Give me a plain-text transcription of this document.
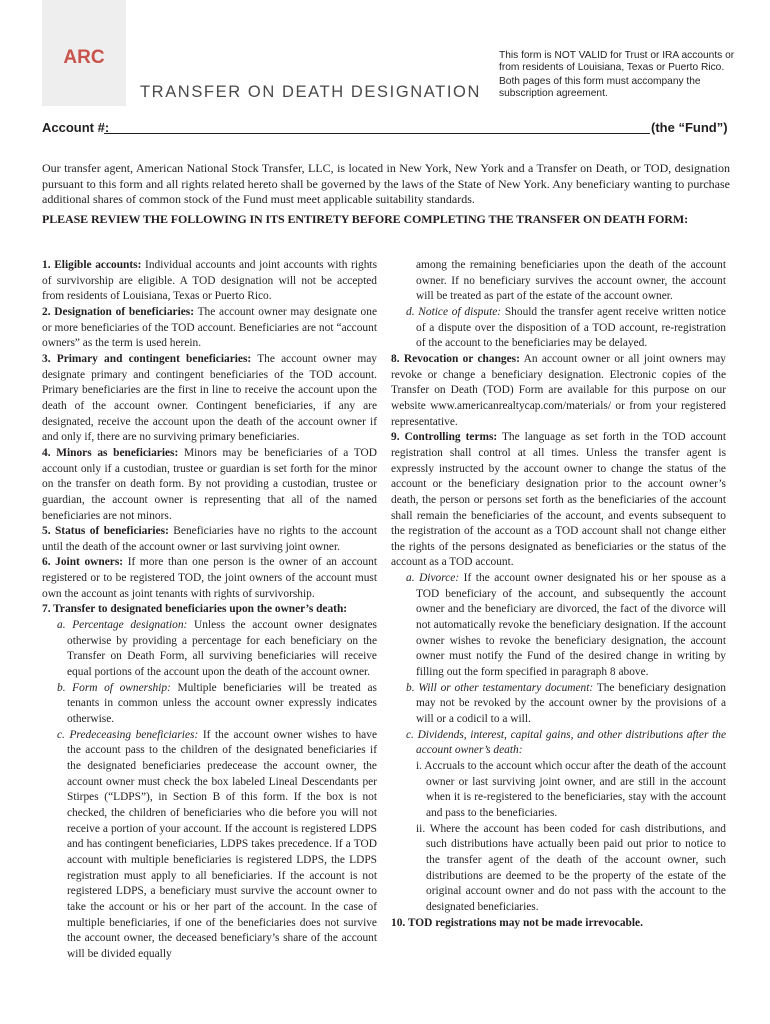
ARC
TRANSFER ON DEATH DESIGNATION

This form is NOT VALID for Trust or IRA accounts or from residents of Louisiana, Texas or Puerto Rico.

Both pages of this form must accompany the subscription agreement.

Account #:	(the “Fund”)

Our transfer agent, American National Stock Transfer, LLC, is located in New York, New York and a Transfer on Death, or TOD, designation pursuant to this form and all rights related hereto shall be governed by the laws of the State of New York. Any beneficiary wanting to purchase additional shares of common stock of the Fund must meet applicable suitability standards.

PLEASE REVIEW THE FOLLOWING IN ITS ENTIRETY BEFORE COMPLETING THE TRANSFER ON DEATH FORM:

1. Eligible accounts: Individual accounts and joint accounts with rights of survivorship are eligible. A TOD designation will not be accepted from residents of Louisiana, Texas or Puerto Rico.

2. Designation of beneficiaries: The account owner may designate one or more beneficiaries of the TOD account. Beneficiaries are not “account owners” as the term is used herein.

3. Primary and contingent beneficiaries: The account owner may designate primary and contingent beneficiaries of the TOD account. Primary beneficiaries are the first in line to receive the account upon the death of the account owner. Contingent beneficiaries, if any are designated, receive the account upon the death of the account owner if and only if, there are no surviving primary beneficiaries.

4. Minors as beneficiaries: Minors may be beneficiaries of a TOD account only if a custodian, trustee or guardian is set forth for the minor on the transfer on death form. By not providing a custodian, trustee or guardian, the account owner is representing that all of the named beneficiaries are not minors.

5. Status of beneficiaries: Beneficiaries have no rights to the account until the death of the account owner or last surviving joint owner.

6. Joint owners: If more than one person is the owner of an account registered or to be registered TOD, the joint owners of the account must own the account as joint tenants with rights of survivorship.

7. Transfer to designated beneficiaries upon the owner’s death:

a. Percentage designation: Unless the account owner designates otherwise by providing a percentage for each beneficiary on the Transfer on Death Form, all surviving beneficiaries will receive equal portions of the account upon the death of the account owner.

b. Form of ownership: Multiple beneficiaries will be treated as tenants in common unless the account owner expressly indicates otherwise.

c. Predeceasing beneficiaries: If the account owner wishes to have the account pass to the children of the designated beneficiaries if the designated beneficiaries predecease the account owner, the account owner must check the box labeled Lineal Descendants per Stirpes (“LDPS”), in Section B of this form. If the box is not checked, the children of beneficiaries who die before you will not receive a portion of your account. If the account is registered LDPS and has contingent beneficiaries, LDPS takes precedence. If a TOD account with multiple beneficiaries is registered LDPS, the LDPS registration must apply to all beneficiaries. If the account is not registered LDPS, a beneficiary must survive the account owner to take the account or his or her part of the account. In the case of multiple beneficiaries, if one of the beneficiaries does not survive the account owner, the deceased beneficiary’s share of the account will be divided equally

among the remaining beneficiaries upon the death of the account owner. If no beneficiary survives the account owner, the account will be treated as part of the estate of the account owner.

d. Notice of dispute: Should the transfer agent receive written notice of a dispute over the disposition of a TOD account, re-registration of the account to the beneficiaries may be delayed.

8. Revocation or changes: An account owner or all joint owners may revoke or change a beneficiary designation. Electronic copies of the Transfer on Death (TOD) Form are available for this purpose on our website www.americanrealtycap.com/materials/ or from your registered representative.

9. Controlling terms: The language as set forth in the TOD account registration shall control at all times. Unless the transfer agent is expressly instructed by the account owner to change the status of the account or the beneficiary designation prior to the account owner’s death, the person or persons set forth as the beneficiaries of the account shall remain the beneficiaries of the account, and events subsequent to the registration of the account as a TOD account shall not change either the rights of the persons designated as beneficiaries or the status of the account as a TOD account.

a. Divorce: If the account owner designated his or her spouse as a TOD beneficiary of the account, and subsequently the account owner and the beneficiary are divorced, the fact of the divorce will not automatically revoke the beneficiary designation. If the account owner wishes to revoke the beneficiary designation, the account owner must notify the Fund of the desired change in writing by filling out the form specified in paragraph 8 above.

b. Will or other testamentary document: The beneficiary designation may not be revoked by the account owner by the provisions of a will or a codicil to a will.

c. Dividends, interest, capital gains, and other distributions after the account owner’s death:

i. Accruals to the account which occur after the death of the account owner or last surviving joint owner, and are still in the account when it is re-registered to the beneficiaries, stay with the account and pass to the beneficiaries.

ii. Where the account has been coded for cash distributions, and such distributions have actually been paid out prior to notice to the transfer agent of the death of the account owner, such distributions are deemed to be the property of the estate of the original account owner and do not pass with the account to the designated beneficiaries.

10. TOD registrations may not be made irrevocable.
